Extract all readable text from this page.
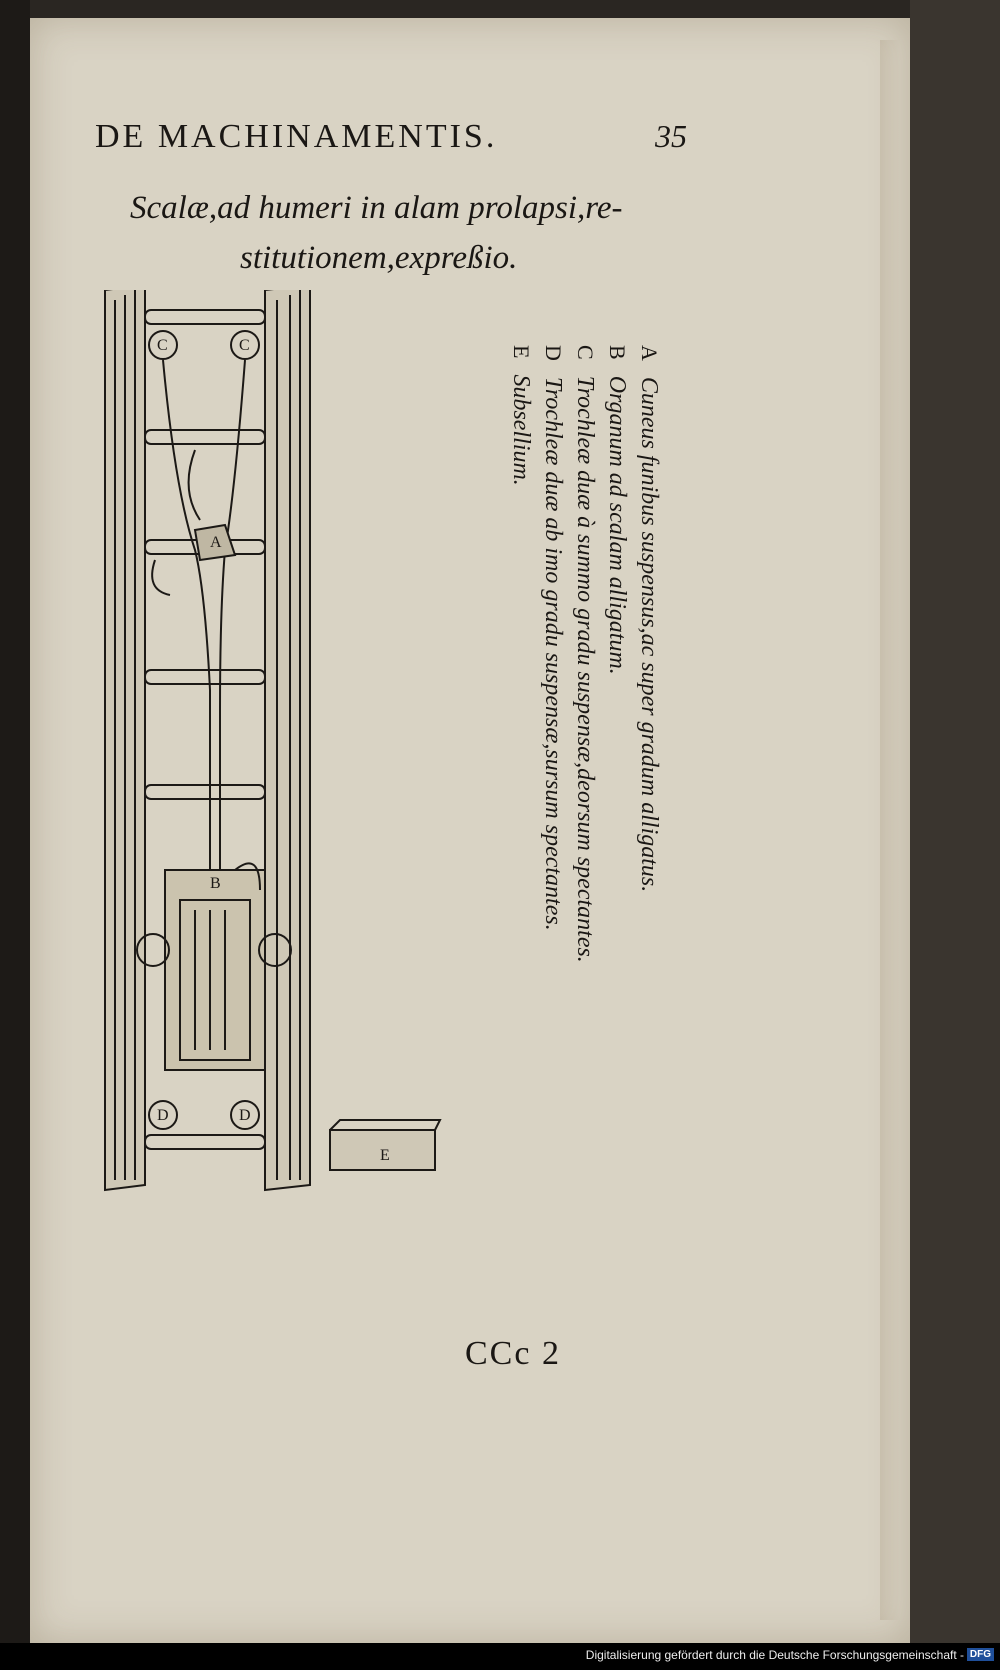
DE MACHINAMENTIS.	35
Scalæ,ad humeri in alam prolapsi,re-
stitutionem,expreßio.
C	C
A
B
D	D
E
A Cuneus funibus suspensus,ac super gradum alligatus.
B Organum ad scalam alligatum.
C Trochleæ duæ à summo gradu suspensæ,deorsum spectantes.
D Trochleæ duæ ab imo gradu suspensæ,sursum spectantes.
E Subsellium.
CCc 2
Digitalisierung gefördert durch die Deutsche Forschungsgemeinschaft - DFG
